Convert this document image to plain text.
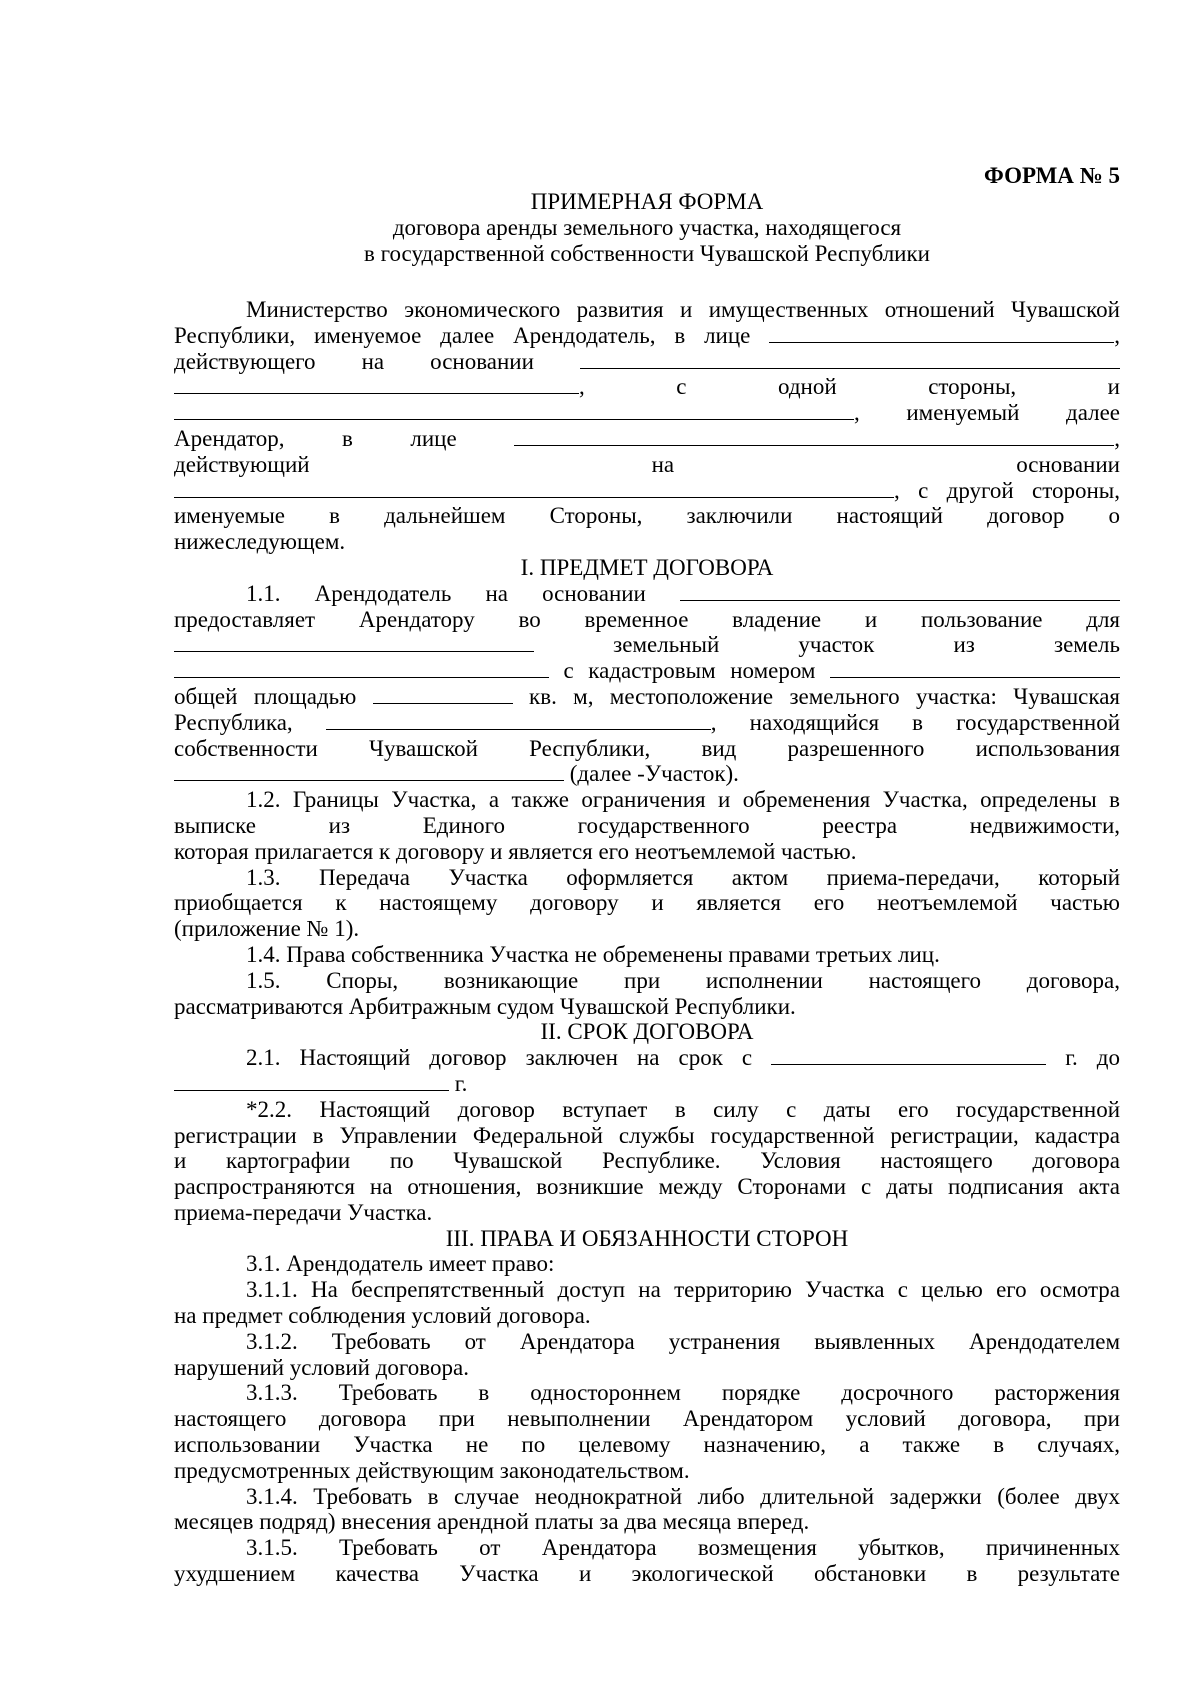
ФОРМА № 5
ПРИМЕРНАЯ ФОРМА
договора аренды земельного участка, находящегося
в государственной собственности Чувашской Республики

Министерство экономического развития и имущественных отношений Чувашской

Республики, именуемое далее Арендодатель, в лице	,

действующего на основании

, с одной стороны, и

, именуемый далее

Арендатор, в лице	,

действующий на основании

, с другой стороны,

именуемые в дальнейшем Стороны, заключили настоящий договор о

нижеследующем.

I. ПРЕДМЕТ ДОГОВОРА

1.1. Арендодатель на основании

предоставляет Арендатору во временное владение и пользование для

земельный участок из земель

с кадастровым номером

общей площадью	кв. м, местоположение земельного участка: Чувашская

Республика,	, находящийся в государственной

собственности Чувашской Республики, вид разрешенного использования

(далее -Участок).

1.2. Границы Участка, а также ограничения и обременения Участка, определены в

выписке из Единого государственного реестра недвижимости,

которая прилагается к договору и является его неотъемлемой частью.

1.3. Передача Участка оформляется актом приема-передачи, который

приобщается к настоящему договору и является его неотъемлемой частью

(приложение № 1).

1.4. Права собственника Участка не обременены правами третьих лиц.

1.5. Споры, возникающие при исполнении настоящего договора,

рассматриваются Арбитражным судом Чувашской Республики.

II. СРОК ДОГОВОРА

2.1. Настоящий договор заключен на срок с	г. до

г.

*2.2. Настоящий договор вступает в силу с даты его государственной

регистрации в Управлении Федеральной службы государственной регистрации, кадастра

и картографии по Чувашской Республике. Условия настоящего договора

распространяются на отношения, возникшие между Сторонами с даты подписания акта

приема-передачи Участка.

III. ПРАВА И ОБЯЗАННОСТИ СТОРОН

3.1. Арендодатель имеет право:

3.1.1. На беспрепятственный доступ на территорию Участка с целью его осмотра

на предмет соблюдения условий договора.

3.1.2. Требовать от Арендатора устранения выявленных Арендодателем

нарушений условий договора.

3.1.3. Требовать в одностороннем порядке досрочного расторжения

настоящего договора при невыполнении Арендатором условий договора, при

использовании Участка не по целевому назначению, а также в случаях,

предусмотренных действующим законодательством.

3.1.4. Требовать в случае неоднократной либо длительной задержки (более двух

месяцев подряд) внесения арендной платы за два месяца вперед.

3.1.5. Требовать от Арендатора возмещения убытков, причиненных

ухудшением качества Участка и экологической обстановки в результате
